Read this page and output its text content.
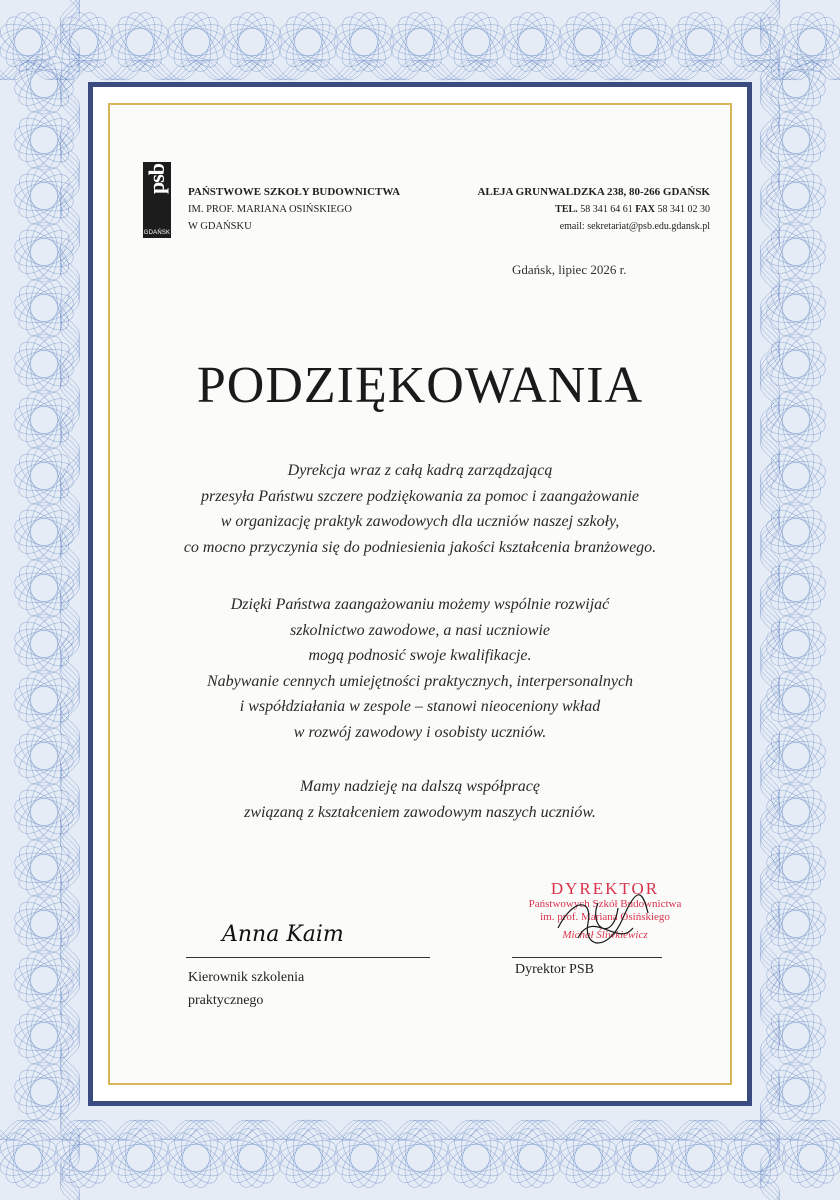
psb
GDAŃSK
PAŃSTWOWE SZKOŁY BUDOWNICTWA
IM. PROF. MARIANA OSIŃSKIEGO
W GDAŃSKU
ALEJA GRUNWALDZKA 238, 80-266 GDAŃSK
TEL. 58 341 64 61 FAX 58 341 02 30
email: sekretariat@psb.edu.gdansk.pl
Gdańsk, lipiec 2026 r.
PODZIĘKOWANIA
Dyrekcja wraz z całą kadrą zarządzającą
przesyła Państwu szczere podziękowania za pomoc i zaangażowanie
w organizację praktyk zawodowych dla uczniów naszej szkoły,
co mocno przyczynia się do podniesienia jakości kształcenia branżowego.
Dzięki Państwa zaangażowaniu możemy wspólnie rozwijać
szkolnictwo zawodowe, a nasi uczniowie
mogą podnosić swoje kwalifikacje.
Nabywanie cennych umiejętności praktycznych, interpersonalnych
i współdziałania w zespole – stanowi nieoceniony wkład
w rozwój zawodowy i osobisty uczniów.
Mamy nadzieję na dalszą współpracę
związaną z kształceniem zawodowym naszych uczniów.
Anna Kaim
Kierownik szkolenia
praktycznego
DYREKTOR
Państwowych Szkół Budownictwa
im. prof. Mariana Osińskiego
Michał Śliwkiewicz
Dyrektor PSB
